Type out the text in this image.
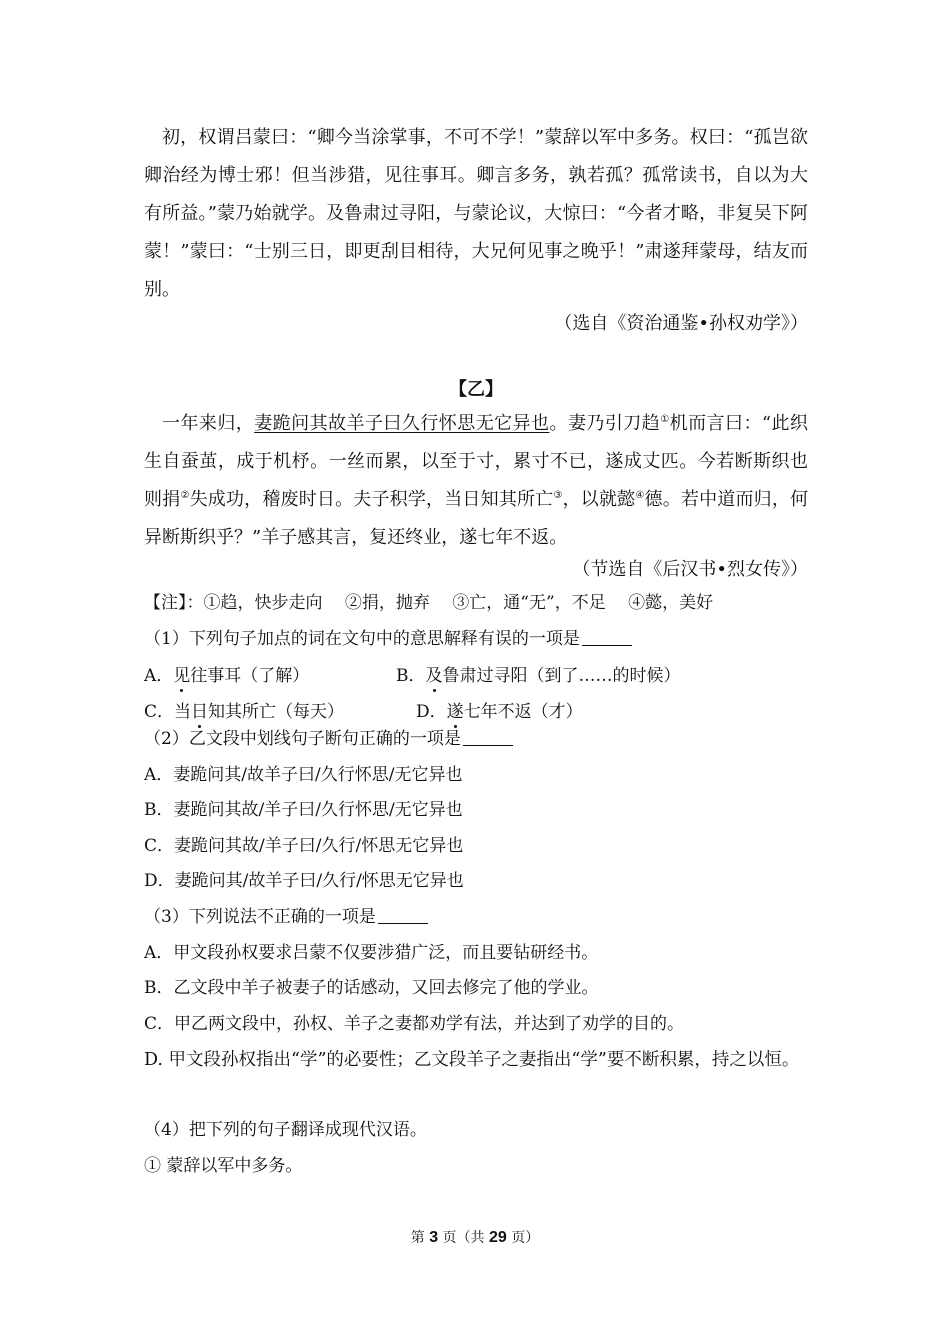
初，权谓吕蒙曰：“卿今当涂掌事，不可不学！”蒙辞以军中多务。权曰：“孤岂欲卿治经为博士邪！但当涉猎，见往事耳。卿言多务，孰若孤？孤常读书，自以为大有所益。”蒙乃始就学。及鲁肃过寻阳，与蒙论议，大惊曰：“今者才略，非复吴下阿蒙！”蒙曰：“士别三日，即更刮目相待，大兄何见事之晚乎！”肃遂拜蒙母，结友而别。

（选自《资治通鉴•孙权劝学》）

【乙】

一年来归，妻跪问其故羊子曰久行怀思无它异也。妻乃引刀趋①机而言曰：“此织生自蚕茧，成于机杼。一丝而累，以至于寸，累寸不已，遂成丈匹。今若断斯织也则捐②失成功，稽废时日。夫子积学，当日知其所亡③，以就懿④德。若中道而归，何异断斯织乎？”羊子感其言，复还终业，遂七年不返。

（节选自《后汉书•烈女传》）

【注】：①趋，快步走向　 ②捐，抛弃　 ③亡，通“无”，不足　 ④懿，美好

（1）下列句子加点的词在文句中的意思解释有误的一项是

A．见往事耳（了解）	B．及鲁肃过寻阳（到了……的时候）
C．当日知其所亡（每天）	D．遂七年不返（才）

（2）乙文段中划线句子断句正确的一项是

A．妻跪问其/故羊子曰/久行怀思/无它异也

B．妻跪问其故/羊子曰/久行怀思/无它异也

C．妻跪问其故/羊子曰/久行/怀思无它异也

D．妻跪问其/故羊子曰/久行/怀思无它异也

（3）下列说法不正确的一项是

A．甲文段孙权要求吕蒙不仅要涉猎广泛，而且要钻研经书。

B．乙文段中羊子被妻子的话感动，又回去修完了他的学业。

C．甲乙两文段中，孙权、羊子之妻都劝学有法，并达到了劝学的目的。

D. 甲文段孙权指出“学”的必要性；乙文段羊子之妻指出“学”要不断积累，持之以恒。

（4）把下列的句子翻译成现代汉语。

① 蒙辞以军中多务。

第 3 页（共 29 页）
